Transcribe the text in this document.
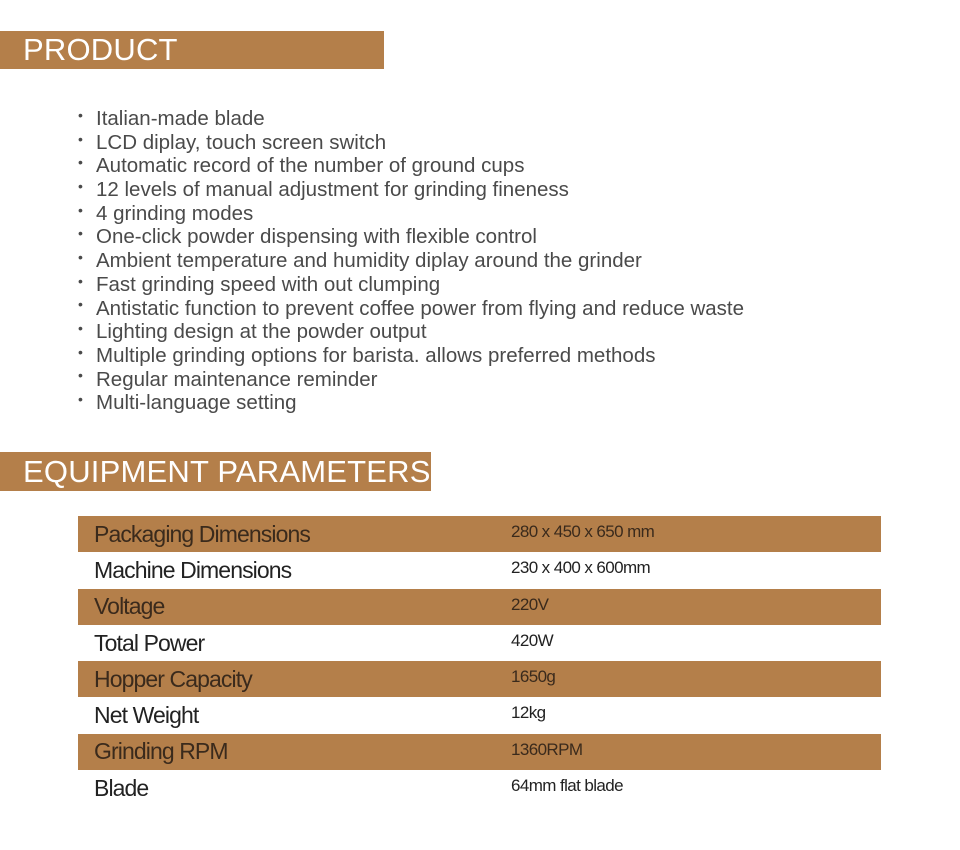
PRODUCT ADVANTAGES
• Italian-made blade
• LCD diplay, touch screen switch
• Automatic record of the number of ground cups
• 12 levels of manual adjustment for grinding fineness
• 4 grinding modes
• One-click powder dispensing with flexible control
• Ambient temperature and humidity diplay around the grinder
• Fast grinding speed with out clumping
• Antistatic function to prevent coffee power from flying and reduce waste
• Lighting design at the powder output
• Multiple grinding options for barista. allows preferred methods
• Regular maintenance reminder
• Multi-language setting
EQUIPMENT PARAMETERS
Packaging Dimensions	280 x 450 x 650 mm
Machine Dimensions	230 x 400 x 600mm
Voltage	220V
Total Power	420W
Hopper Capacity	1650g
Net Weight	12kg
Grinding RPM	1360RPM
Blade	64mm flat blade
